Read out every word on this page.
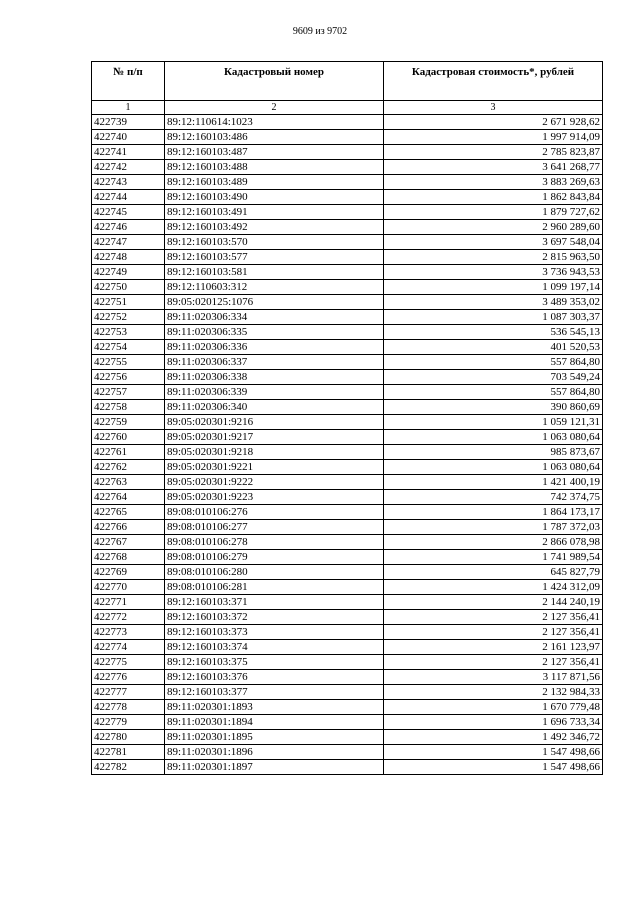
9609 из 9702
№ п/п	Кадастровый номер	Кадастровая стоимость*, рублей
1	2	3
422739	89:12:110614:1023	2 671 928,62
422740	89:12:160103:486	1 997 914,09
422741	89:12:160103:487	2 785 823,87
422742	89:12:160103:488	3 641 268,77
422743	89:12:160103:489	3 883 269,63
422744	89:12:160103:490	1 862 843,84
422745	89:12:160103:491	1 879 727,62
422746	89:12:160103:492	2 960 289,60
422747	89:12:160103:570	3 697 548,04
422748	89:12:160103:577	2 815 963,50
422749	89:12:160103:581	3 736 943,53
422750	89:12:110603:312	1 099 197,14
422751	89:05:020125:1076	3 489 353,02
422752	89:11:020306:334	1 087 303,37
422753	89:11:020306:335	536 545,13
422754	89:11:020306:336	401 520,53
422755	89:11:020306:337	557 864,80
422756	89:11:020306:338	703 549,24
422757	89:11:020306:339	557 864,80
422758	89:11:020306:340	390 860,69
422759	89:05:020301:9216	1 059 121,31
422760	89:05:020301:9217	1 063 080,64
422761	89:05:020301:9218	985 873,67
422762	89:05:020301:9221	1 063 080,64
422763	89:05:020301:9222	1 421 400,19
422764	89:05:020301:9223	742 374,75
422765	89:08:010106:276	1 864 173,17
422766	89:08:010106:277	1 787 372,03
422767	89:08:010106:278	2 866 078,98
422768	89:08:010106:279	1 741 989,54
422769	89:08:010106:280	645 827,79
422770	89:08:010106:281	1 424 312,09
422771	89:12:160103:371	2 144 240,19
422772	89:12:160103:372	2 127 356,41
422773	89:12:160103:373	2 127 356,41
422774	89:12:160103:374	2 161 123,97
422775	89:12:160103:375	2 127 356,41
422776	89:12:160103:376	3 117 871,56
422777	89:12:160103:377	2 132 984,33
422778	89:11:020301:1893	1 670 779,48
422779	89:11:020301:1894	1 696 733,34
422780	89:11:020301:1895	1 492 346,72
422781	89:11:020301:1896	1 547 498,66
422782	89:11:020301:1897	1 547 498,66
